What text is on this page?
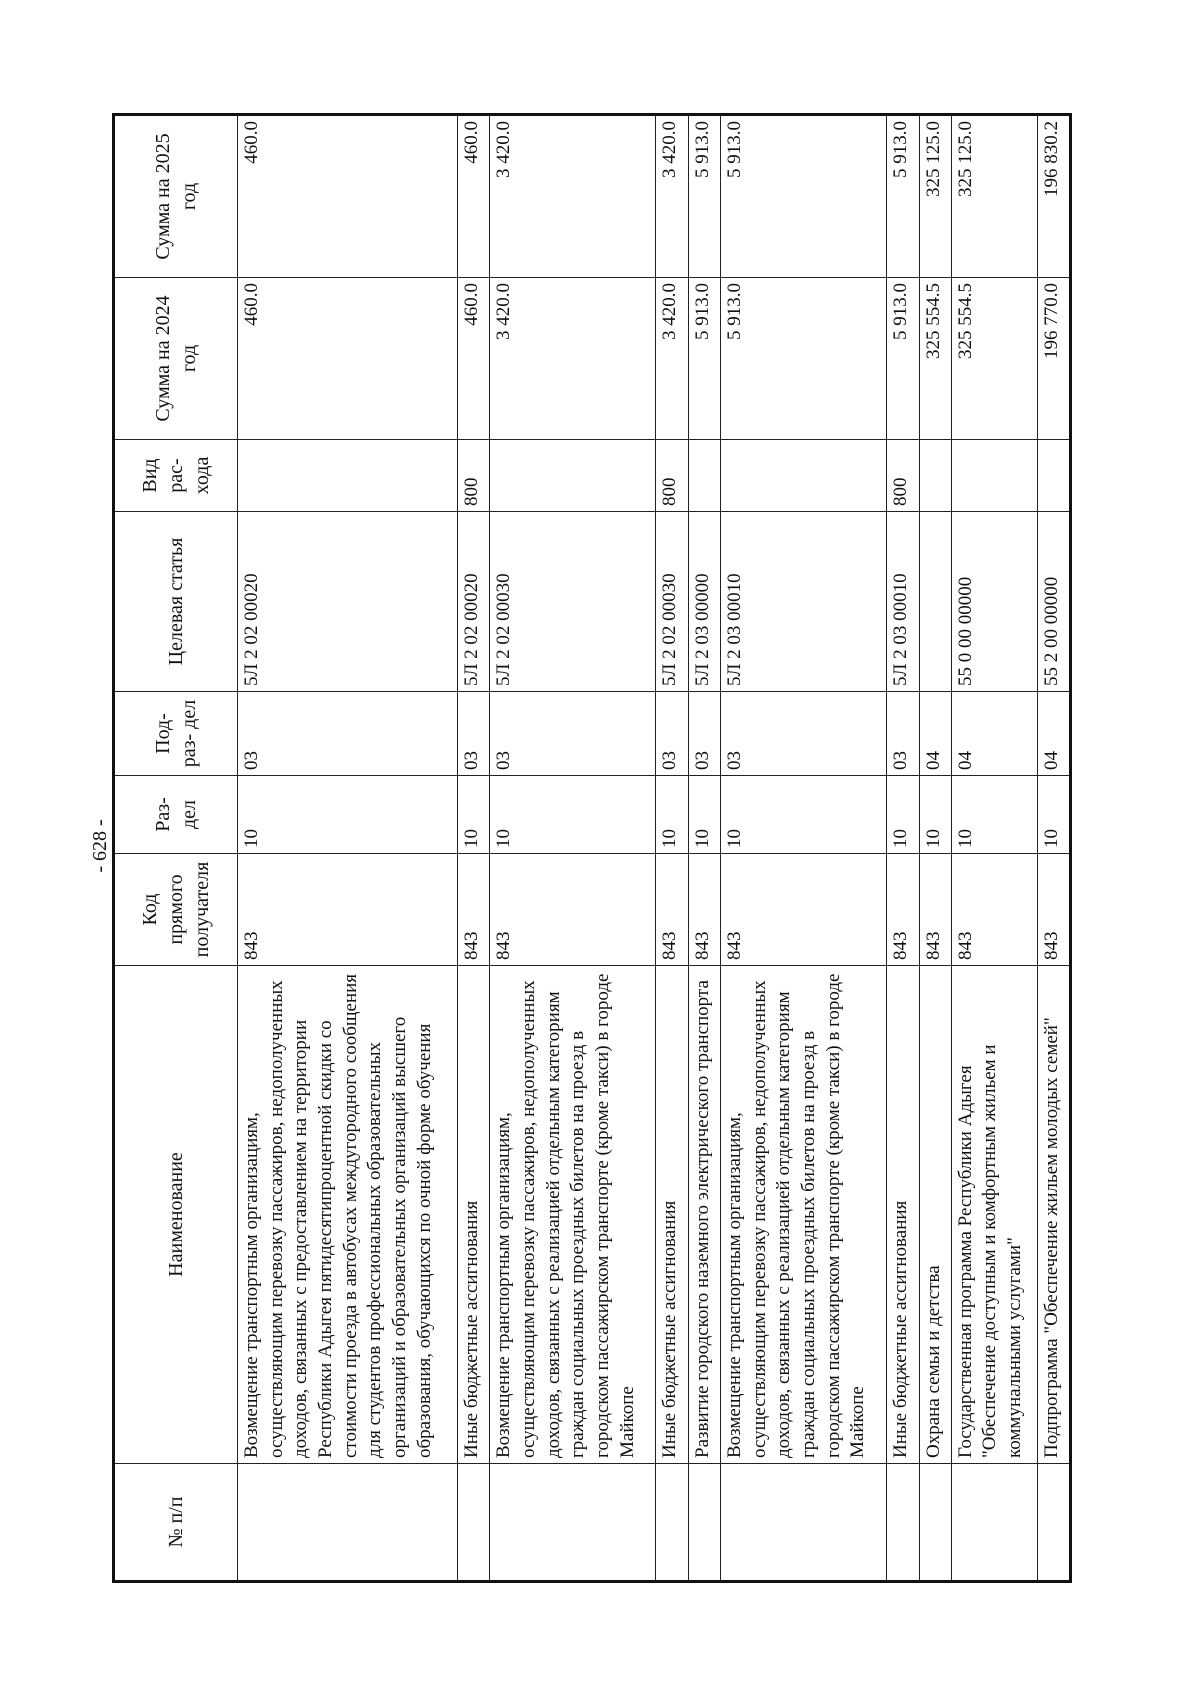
- 628 -
№ п/п	Наименование	Код прямого получателя	Раз- дел	Под- раз- дел	Целевая статья	Вид рас- хода	Сумма на 2024 год	Сумма на 2025 год
	Возмещение транспортным организациям, осуществляющим перевозку пассажиров, недополученных доходов, связанных с предоставлением на территории Республики Адыгея пятидесятипроцентной скидки со стоимости проезда в автобусах междугородного сообщения для студентов профессиональных образовательных организаций и образовательных организаций высшего образования, обучающихся по очной форме обучения	843	10	03	5Л 2 02 00020		460.0	460.0
	Иные бюджетные ассигнования	843	10	03	5Л 2 02 00020	800	460.0	460.0
	Возмещение транспортным организациям, осуществляющим перевозку пассажиров, недополученных доходов, связанных с реализацией отдельным категориям граждан социальных проездных билетов на проезд в городском пассажирском транспорте (кроме такси) в городе Майкопе	843	10	03	5Л 2 02 00030		3 420.0	3 420.0
	Иные бюджетные ассигнования	843	10	03	5Л 2 02 00030	800	3 420.0	3 420.0
	Развитие городского наземного электрического транспорта	843	10	03	5Л 2 03 00000		5 913.0	5 913.0
	Возмещение транспортным организациям, осуществляющим перевозку пассажиров, недополученных доходов, связанных с реализацией отдельным категориям граждан социальных проездных билетов на проезд в городском пассажирском транспорте (кроме такси) в городе Майкопе	843	10	03	5Л 2 03 00010		5 913.0	5 913.0
	Иные бюджетные ассигнования	843	10	03	5Л 2 03 00010	800	5 913.0	5 913.0
	Охрана семьи и детства	843	10	04			325 554.5	325 125.0
	Государственная программа Республики Адыгея "Обеспечение доступным и комфортным жильем и коммунальными услугами"	843	10	04	55 0 00 00000		325 554.5	325 125.0
	Подпрограмма "Обеспечение жильем молодых семей"	843	10	04	55 2 00 00000		196 770.0	196 830.2
